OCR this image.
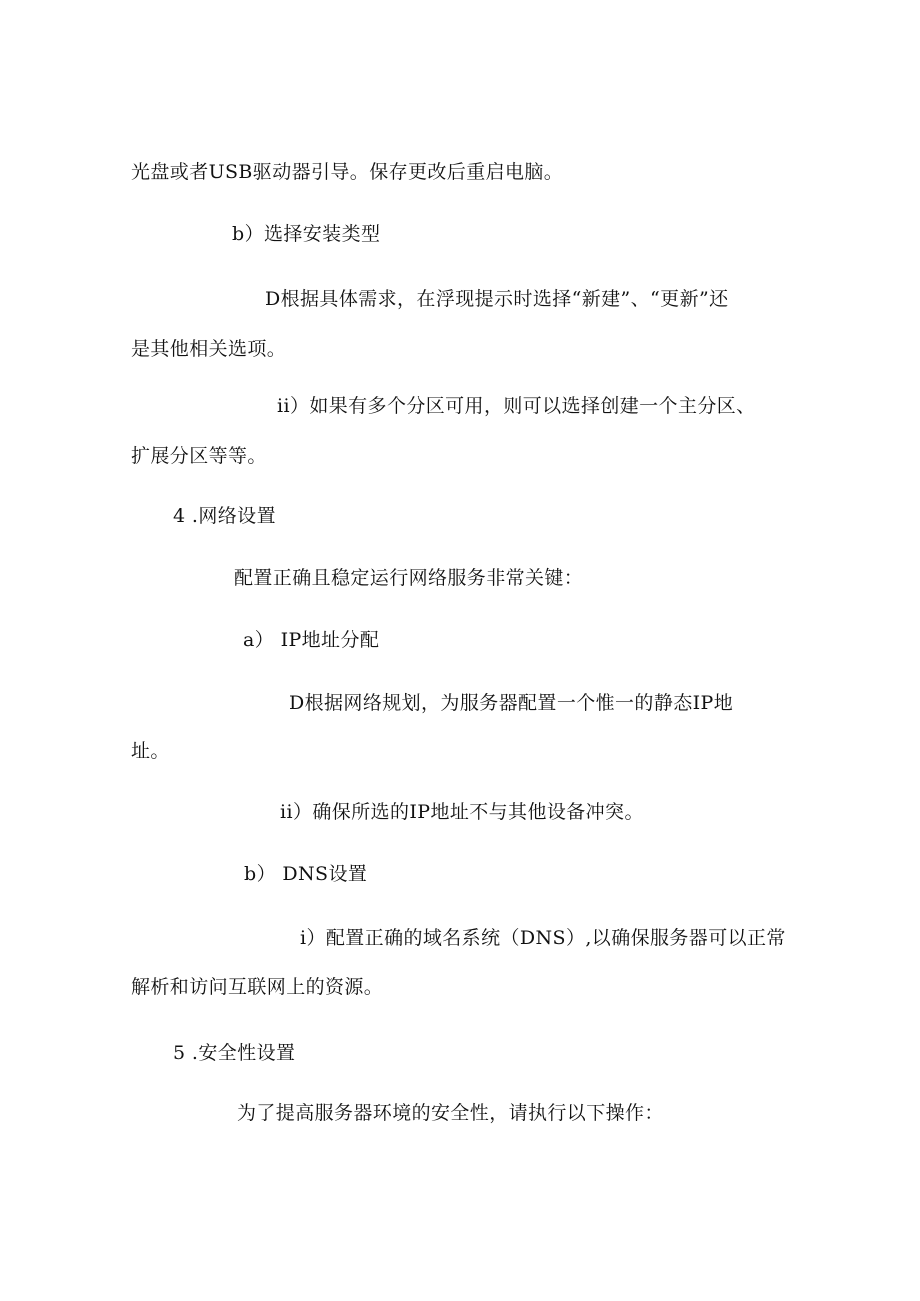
光盘或者USB驱动器引导。保存更改后重启电脑。
b）选择安装类型
D根据具体需求，在浮现提示时选择“新建”、“更新”还
是其他相关选项。
ii）如果有多个分区可用，则可以选择创建一个主分区、
扩展分区等等。
4 .网络设置
配置正确且稳定运行网络服务非常关键：
a） IP地址分配
D根据网络规划，为服务器配置一个惟一的静态IP地
址。
ii）确保所选的IP地址不与其他设备冲突。
b） DNS设置
i）配置正确的域名系统（DNS）,以确保服务器可以正常
解析和访问互联网上的资源。
5 .安全性设置
为了提高服务器环境的安全性，请执行以下操作：
